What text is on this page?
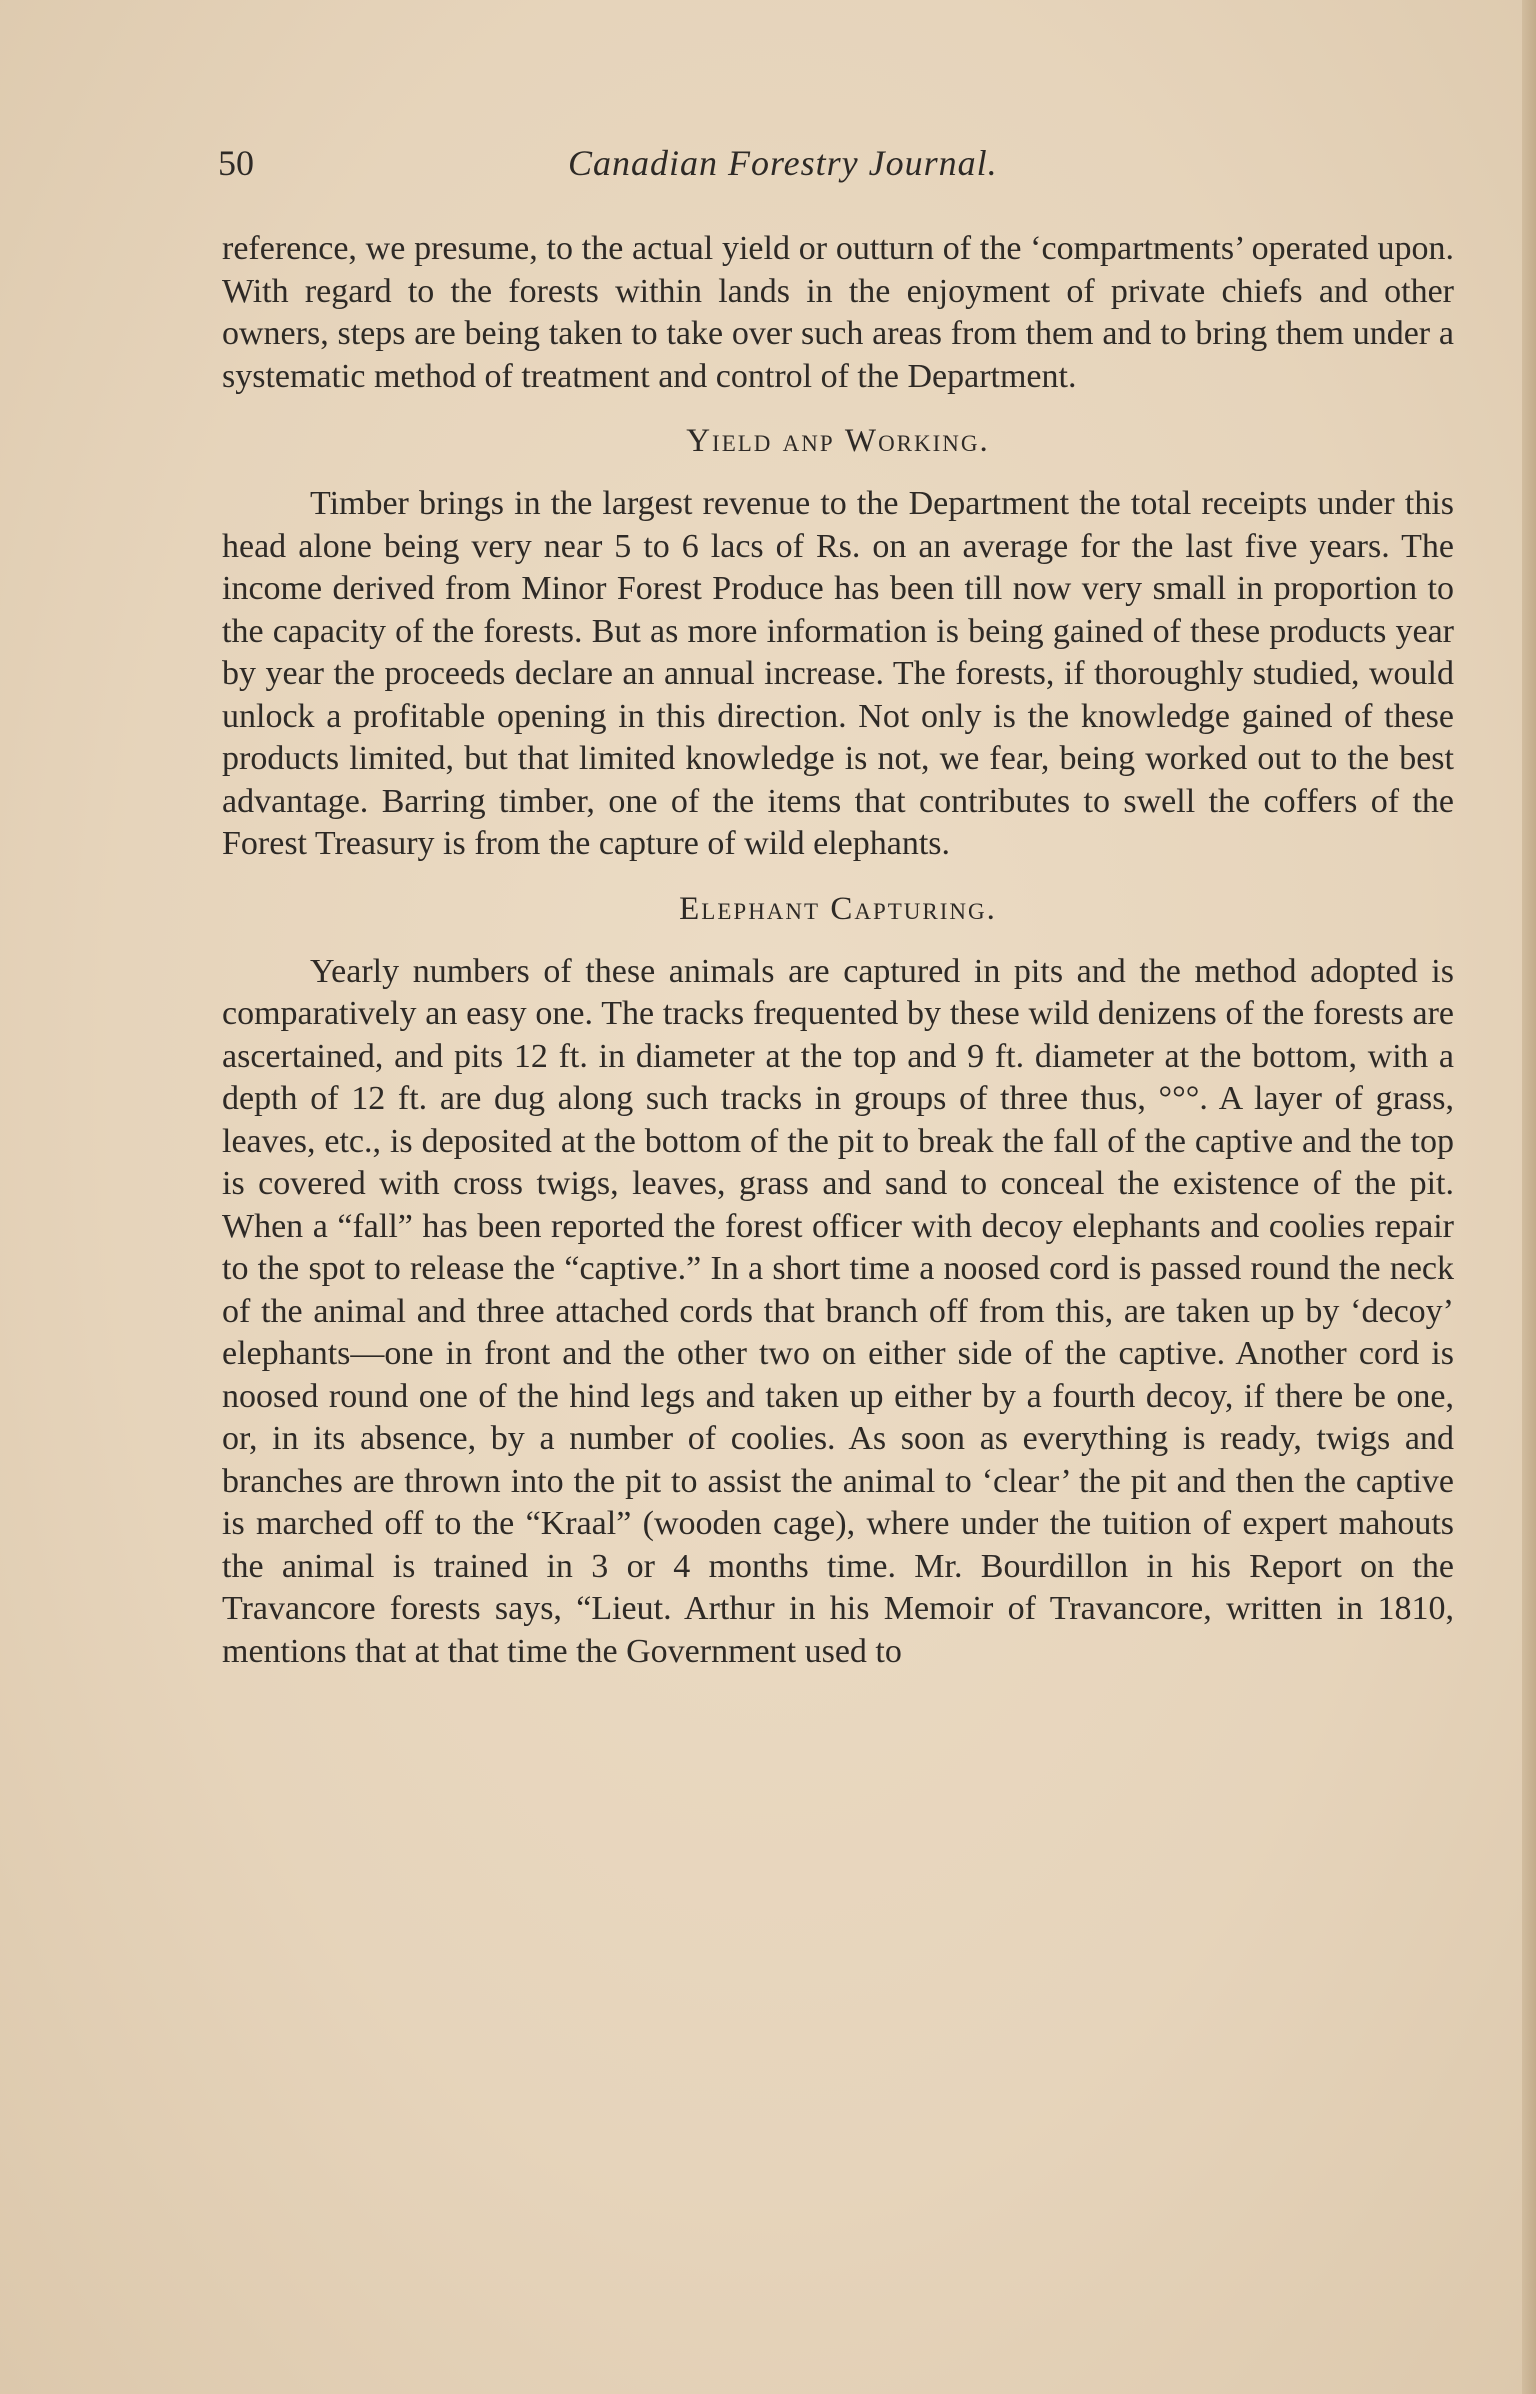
50	Canadian Forestry Journal.

reference, we presume, to the actual yield or outturn of the ‘compartments’ operated upon. With regard to the forests within lands in the enjoyment of private chiefs and other owners, steps are being taken to take over such areas from them and to bring them under a systematic method of treatment and control of the Department.

Yield anр Working.

Timber brings in the largest revenue to the Department the total receipts under this head alone being very near 5 to 6 lacs of Rs. on an average for the last five years. The income derived from Minor Forest Produce has been till now very small in proportion to the capacity of the forests. But as more information is being gained of these products year by year the proceeds declare an annual increase. The forests, if thoroughly studied, would unlock a profitable opening in this direction. Not only is the knowledge gained of these products limited, but that limited knowledge is not, we fear, being worked out to the best advantage. Barring timber, one of the items that contributes to swell the coffers of the Forest Treasury is from the capture of wild elephants.

Elephant Capturing.

Yearly numbers of these animals are captured in pits and the method adopted is comparatively an easy one. The tracks frequented by these wild denizens of the forests are ascertained, and pits 12 ft. in diameter at the top and 9 ft. diameter at the bottom, with a depth of 12 ft. are dug along such tracks in groups of three thus, °°°. A layer of grass, leaves, etc., is deposited at the bottom of the pit to break the fall of the captive and the top is covered with cross twigs, leaves, grass and sand to conceal the existence of the pit. When a “fall” has been reported the forest officer with decoy elephants and coolies repair to the spot to release the “captive.” In a short time a noosed cord is passed round the neck of the animal and three attached cords that branch off from this, are taken up by ‘decoy’ elephants—one in front and the other two on either side of the captive. Another cord is noosed round one of the hind legs and taken up either by a fourth decoy, if there be one, or, in its absence, by a number of coolies. As soon as everything is ready, twigs and branches are thrown into the pit to assist the animal to ‘clear’ the pit and then the captive is marched off to the “Kraal” (wooden cage), where under the tuition of expert mahouts the animal is trained in 3 or 4 months time. Mr. Bourdillon in his Report on the Travancore forests says, “Lieut. Arthur in his Memoir of Travancore, written in 1810, mentions that at that time the Government used to
